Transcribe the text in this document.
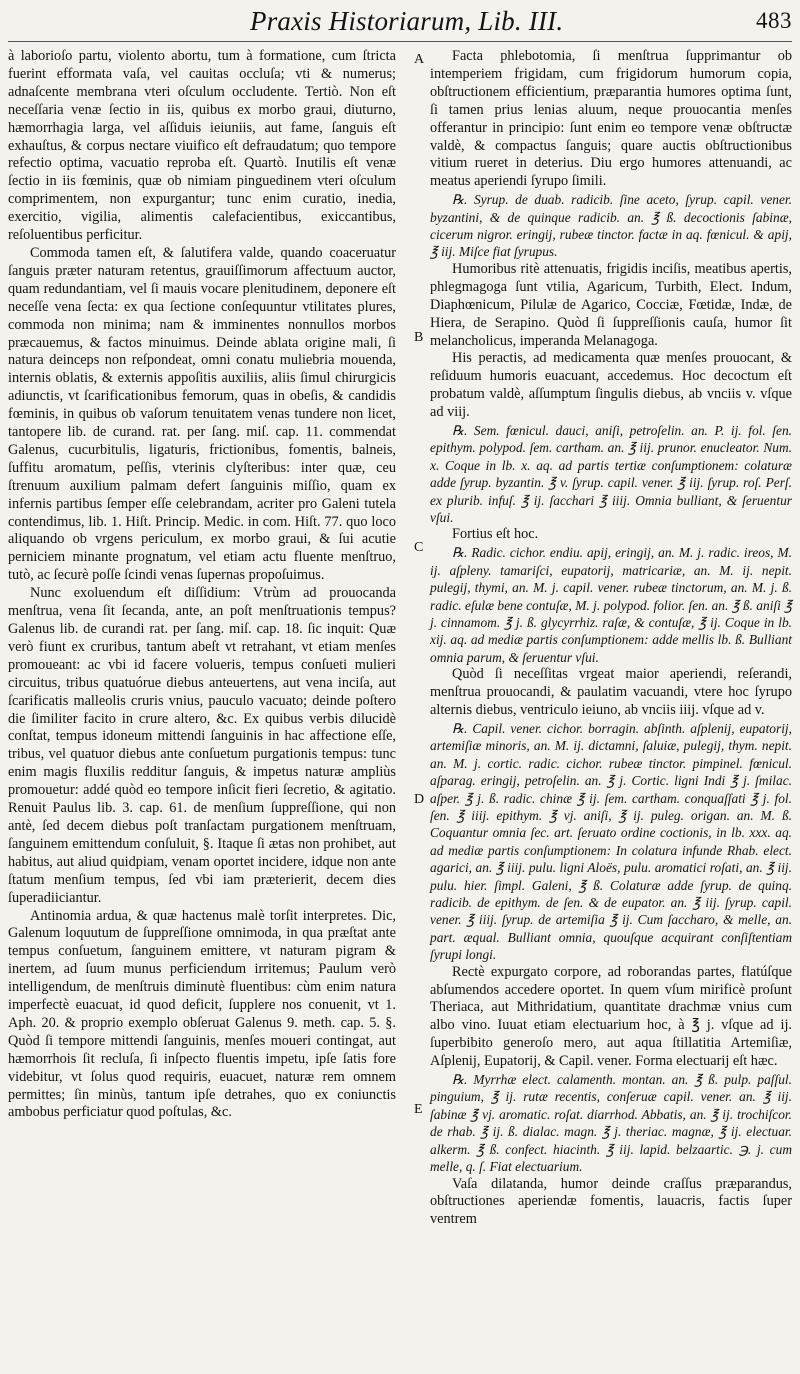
Praxis Historiarum, Lib. III.	483

à laborioſo partu, violento abortu, tum à formatione, cum ſtricta fuerint efformata vaſa, vel cauitas occluſa; vti & numerus; adnaſcente membrana vteri oſculum occludente. Tertiò. Non eſt neceſſaria venæ ſectio in iis, quibus ex morbo graui, diuturno, hæmorrhagia larga, vel aſſiduis ieiuniis, aut fame, ſanguis eſt exhauſtus, & corpus nectare viuifico eſt defraudatum; quo tempore refectio optima, vacuatio reproba eſt. Quartò. Inutilis eſt venæ ſectio in iis fœminis, quæ ob nimiam pinguedinem vteri oſculum comprimentem, non expurgantur; tunc enim curatio, inedia, exercitio, vigilia, alimentis calefacientibus, exiccantibus, reſoluentibus perficitur.

Commoda tamen eſt, & ſalutifera valde, quando coaceruatur ſanguis præter naturam retentus, grauiſſimorum affectuum auctor, quam redundantiam, vel ſi mauis vocare plenitudinem, deponere eſt neceſſe vena ſecta: ex qua ſectione conſequuntur vtilitates plures, commoda non minima; nam & imminentes nonnullos morbos præcauemus, & factos minuimus. Deinde ablata origine mali, ſi natura deinceps non reſpondeat, omni conatu muliebria mouenda, internis oblatis, & externis appoſitis auxiliis, aliis ſimul chirurgicis adiunctis, vt ſcarificationibus femorum, quas in obeſis, & candidis fœminis, in quibus ob vaſorum tenuitatem venas tundere non licet, tantopere lib. de curand. rat. per ſang. miſ. cap. 11. commendat Galenus, cucurbitulis, ligaturis, frictionibus, fomentis, balneis, ſuffitu aromatum, peſſis, vterinis clyſteribus: inter quæ, ceu ſtrenuum auxilium palmam defert ſanguinis miſſio, quam ex infernis partibus ſemper eſſe celebrandam, acriter pro Galeni tutela contendimus, lib. 1. Hiſt. Princip. Medic. in com. Hiſt. 77. quo loco aliquando ob vrgens periculum, ex morbo graui, & ſui acutie perniciem minante prognatum, vel etiam actu fluente menſtruo, tutò, ac ſecurè poſſe ſcindi venas ſupernas propoſuimus.

Nunc exoluendum eſt diſſidium: Vtrùm ad prouocanda menſtrua, vena ſit ſecanda, ante, an poſt menſtruationis tempus? Galenus lib. de curandi rat. per ſang. miſ. cap. 18. ſic inquit: Quæ verò fiunt ex cruribus, tantum abeſt vt retrahant, vt etiam menſes promoueant: ac vbi id facere volueris, tempus conſueti mulieri circuitus, tribus quatuórue diebus anteuertens, aut vena inciſa, aut ſcarificatis malleolis cruris vnius, pauculo vacuato; deinde poſtero die ſimiliter facito in crure altero, &c. Ex quibus verbis dilucidè conſtat, tempus idoneum mittendi ſanguinis in hac affectione eſſe, tribus, vel quatuor diebus ante conſuetum purgationis tempus: tunc enim magis fluxilis redditur ſanguis, & impetus naturæ ampliùs promouetur: addé quòd eo tempore inſicit fieri ſecretio, & agitatio. Renuit Paulus lib. 3. cap. 61. de menſium ſuppreſſione, qui non antè, ſed decem diebus poſt tranſactam purgationem menſtruam, ſanguinem emittendum conſuluit, §. Itaque ſi ætas non prohibet, aut habitus, aut aliud quidpiam, venam oportet incidere, idque non ante ſtatum menſium tempus, ſed vbi iam præterierit, decem dies ſuperadiiciantur.

Antinomia ardua, & quæ hactenus malè torſit interpretes. Dic, Galenum loquutum de ſuppreſſione omnimoda, in qua præſtat ante tempus conſuetum, ſanguinem emittere, vt naturam pigram & inertem, ad ſuum munus perficiendum irritemus; Paulum verò intelligendum, de menſtruis diminutè fluentibus: cùm enim natura imperfectè euacuat, id quod deficit, ſupplere nos conuenit, vt 1. Aph. 20. & proprio exemplo obſeruat Galenus 9. meth. cap. 5. §. Quòd ſi tempore mittendi ſanguinis, menſes moueri contingat, aut hæmorrhois ſit recluſa, ſi inſpecto fluentis impetu, ipſe ſatis fore videbitur, vt ſolus quod requiris, euacuet, naturæ rem omnem permittes; ſin minùs, tantum ipſe detrahes, quo ex coniunctis ambobus perficiatur quod poſtulas, &c.

A
B
C
D
E

Facta phlebotomia, ſi menſtrua ſupprimantur ob intemperiem frigidam, cum frigidorum humorum copia, obſtructionem efficientium, præparantia humores optima ſunt, ſi tamen prius lenias aluum, neque prouocantia menſes offerantur in principio: ſunt enim eo tempore venæ obſtructæ valdè, & compactus ſanguis; quare auctis obſtructionibus vitium rueret in deterius. Diu ergo humores attenuandi, ac meatus aperiendi ſyrupo ſimili.

℞. Syrup. de duab. radicib. ſine aceto, ſyrup. capil. vener. byzantini, & de quinque radicib. an. ℥ ß. decoctionis ſabinæ, cicerum nigror. eringij, rubeæ tinctor. factæ in aq. fœnicul. & apij, ℥ iij. Miſce fiat ſyrupus.

Humoribus ritè attenuatis, frigidis inciſis, meatibus apertis, phlegmagoga ſunt vtilia, Agaricum, Turbith, Elect. Indum, Diaphœnicum, Pilulæ de Agarico, Cocciæ, Fœtidæ, Indæ, de Hiera, de Serapino. Quòd ſi ſuppreſſionis cauſa, humor ſit melancholicus, imperanda Melanagoga.

His peractis, ad medicamenta quæ menſes prouocant, & reſiduum humoris euacuant, accedemus. Hoc decoctum eſt probatum valdè, aſſumptum ſingulis diebus, ab vnciis v. vſque ad viij.

℞. Sem. fœnicul. dauci, aniſi, petroſelin. an. P. ij. fol. ſen. epithym. polypod. ſem. cartham. an. ℥ iij. prunor. enucleator. Num. x. Coque in lb. x. aq. ad partis tertiæ conſumptionem: colaturæ adde ſyrup. byzantin. ℥ v. ſyrup. capil. vener. ℥ iij. ſyrup. roſ. Perſ. ex plurib. infuſ. ℥ ij. ſacchari ℥ iiij. Omnia bulliant, & ſeruentur vſui.

Fortius eſt hoc.

℞. Radic. cichor. endiu. apij, eringij, an. M. j. radic. ireos, M. ij. aſpleny. tamariſci, eupatorij, matricariæ, an. M. ij. nepit. pulegij, thymi, an. M. j. capil. vener. rubeæ tinctorum, an. M. j. ß. radic. eſulæ bene contuſæ, M. j. polypod. folior. ſen. an. ℥ ß. aniſi ℥ j. cinnamom. ℥ j. ß. glycyrrhiz. raſæ, & contuſæ, ℥ ij. Coque in lb. xij. aq. ad mediæ partis conſumptionem: adde mellis lb. ß. Bulliant omnia parum, & ſeruentur vſui.

Quòd ſi neceſſitas vrgeat maior aperiendi, reſerandi, menſtrua prouocandi, & paulatim vacuandi, vtere hoc ſyrupo alternis diebus, ventriculo ieiuno, ab vnciis iiij. vſque ad v.

℞. Capil. vener. cichor. borragin. abſinth. aſplenij, eupatorij, artemiſiæ minoris, an. M. ij. dictamni, ſaluiæ, pulegij, thym. nepit. an. M. j. cortic. radic. cichor. rubeæ tinctor. pimpinel. fœnicul. aſparag. eringij, petroſelin. an. ℥ j. Cortic. ligni Indi ℥ j. ſmilac. aſper. ℥ j. ß. radic. chinæ ℥ ij. ſem. cartham. conquaſſati ℥ j. fol. ſen. ℥ iiij. epithym. ℥ vj. aniſi, ℥ ij. puleg. origan. an. M. ß. Coquantur omnia ſec. art. ſeruato ordine coctionis, in lb. xxx. aq. ad mediæ partis conſumptionem: In colatura infunde Rhab. elect. agarici, an. ℥ iiij. pulu. ligni Aloës, pulu. aromatici roſati, an. ℥ iij. pulu. hier. ſimpl. Galeni, ℥ ß. Colaturæ adde ſyrup. de quinq. radicib. de epithym. de ſen. & de eupator. an. ℥ iij. ſyrup. capil. vener. ℥ iiij. ſyrup. de artemiſia ℥ ij. Cum ſaccharo, & melle, an. part. æqual. Bulliant omnia, quouſque acquirant conſiſtentiam ſyrupi longi.

Rectè expurgato corpore, ad roborandas partes, flatúſque abſumendos accedere oportet. In quem vſum mirificè proſunt Theriaca, aut Mithridatium, quantitate drachmæ vnius cum albo vino. Iuuat etiam electuarium hoc, à ℥ j. vſque ad ij. ſuperbibito generoſo mero, aut aqua ſtillatitia Artemiſiæ, Aſplenij, Eupatorij, & Capil. vener. Forma electuarij eſt hæc.

℞. Myrrhæ elect. calamenth. montan. an. ℥ ß. pulp. paſſul. pinguium, ℥ ij. rutæ recentis, conſeruæ capil. vener. an. ℥ iij. ſabinæ ℥ vj. aromatic. roſat. diarrhod. Abbatis, an. ℥ ij. trochiſcor. de rhab. ℥ ij. ß. dialac. magn. ℥ j. theriac. magnæ, ℥ ij. electuar. alkerm. ℥ ß. confect. hiacinth. ℥ iij. lapid. belzaartic. ℈. j. cum melle, q. ſ. Fiat electuarium.

Vaſa dilatanda, humor deinde craſſus præparandus, obſtructiones aperiendæ fomentis, lauacris, factis ſuper ventrem
